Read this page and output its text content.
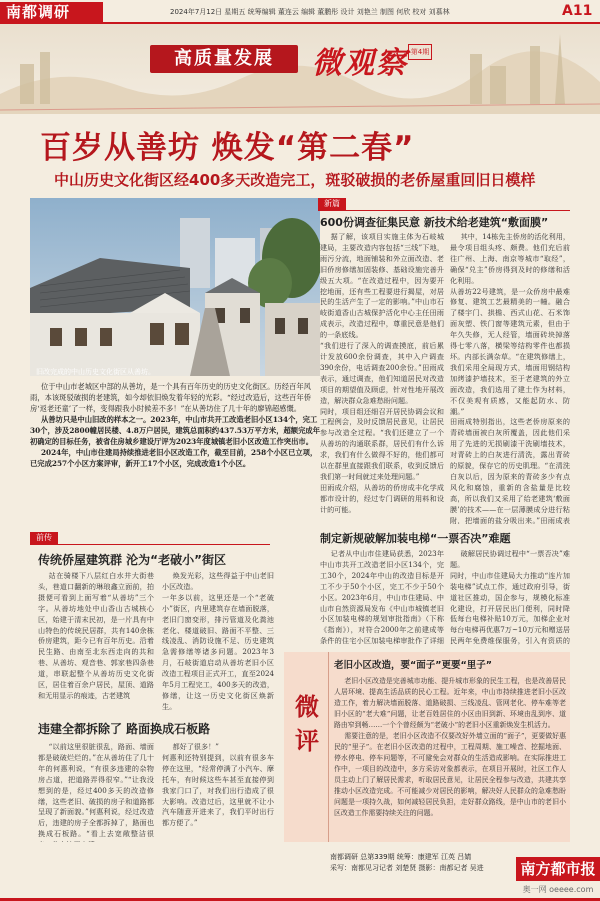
南都调研	2024年7月12日 星期五 统筹编辑 董连云 编辑 董鹏彤 设计 刘艳兰 制图 何欣 校对 刘慕林	A11
高质量发展	微观察 第4期
百岁从善坊 焕发“第二春”
中山历史文化街区经400多天改造完工，斑驳破损的老侨屋重回旧日模样
旧改完成的中山历史文化街区从善坊。

位于中山市老城区中部的从善坊，是一个具有百年历史的历史文化街区。历经百年风雨，本该斑驳破损的老建筑，如今却依旧焕发着年轻的光彩。“经过改造后，这些百年侨房‘返老还童’了一样，变得跟我小时候差不多！”在从善坊住了几十年的廖锦超感慨。

从善坊只是中山旧改的样本之一。2023年，中山市共开工改造老旧小区134个，完工30个，涉及2800幢居民楼、4.8万户居民，建筑总面积约437.53万平方米，超额完成年初确定的目标任务，被省住房城乡建设厅评为2023年度城镇老旧小区改造工作突出市。

2024年，中山市住建局持续推进老旧小区改造工作，截至目前，258个小区已立项，已完成257个小区方案评审，新开工17个小区，完成改造1个小区。

前传
传统侨屋建筑群 沦为“老破小”街区

站在骑楼下八层红白水井大街巷头，巷道口翻新的琳琅鑫立面前，拍摄便可看到上面写着“从善坊”三个字。从善坊地处中山香山古城核心区，始建于清末民初，是一片具有中山特色的传统民居群，共有140余栋侨房建筑，距今已有百年历史。沿着民生路、由南至北东西走向的共和巷、从善坊、观音巷、郭家巷四条巷道，串联起整个从善坊历史文化街区，居住着百余户居民，屋顶、道路和无用显示的痕迹，古老建筑

焕发光彩，这些得益于中山老旧小区改造。
一年多以前，这里还是一个“老破小”街区，内里建筑存在墙面脱落，老旧门窗变形，排污管道及化粪池老化、楼道破旧、路面不平整、三线凌乱、消防设施不足、历史建筑急需修缮等诸多问题。2023年3月，石岐街道启动从善坊老旧小区改造工程项目正式开工，直至2024年5月工程完工，400多天的改造，修缮，让这一历史文化街区焕新生。

违建全都拆除了 路面换成石板路

“以前这里很脏很乱，路面、墙面都是破破烂烂的。”在从善坊住了几十年的何惠利说，“有很多违建的杂物房占道，把道路弄得很窄。”“让我没想到的是，经过400多天的改造修缮，这些老旧、破损的房子和道路都呈现了新面貌。”何惠利说，经过改造后，违建的房子全都拆掉了，路面也换成石板路。“看上去宽敞整洁很

都好了很多！”
何惠利还特别提到，以前有很多车停在这里，“经常停满了小汽车、摩托车，有时候这些车甚至直接停到我家门口了，对我们出行造成了很大影响。改造过后，这里就不让小汽车随意开进来了，我们平时出行都方便了。”

新篇
600份调查征集民意 新技术给老建筑“敷面膜”

据了解，该项目实施主体为石岐城建局，主要改造内容包括“三线”下地，雨污分流，地面铺装和外立面改造、老旧侨房修缮加固装修、基础设施完善升级五大项。“在改造过程中，因为要开挖地面，还有些工程要进行揭屋，对居民的生活产生了一定的影响。”中山市石岐街道香山古城保护活化中心主任田雨成表示，改造过程中，尊重民意是他们的一条底线。
“我们进行了深入的调查摸底，前后累计发放600余份调查，其中入户调查390余份，电话调查200余份。”田雨成表示，通过调查，他们知道居民对改造项目的期望值及顾虑，针对性地开展改造，解决群众急难愁盼问题。
同时，项目组还细召开居民协调会议和工程例会，及时反馈居民意见，让居民参与改造全过程。“我们还建立了一个从善坊的沟通联系群，居民们有什么诉求，我们有什么做得不好的，他们都可以在群里直接跟我们联系，收到反馈后我们第一时间就过来处理问题。”
田雨成介绍，从善坊的侨房成丰化学成都市设计的，经过专门调研的用料和设计的可能。

其中，14栋先主侨房的活化利用，最令项目组头疼、颇费。他们充后前往广州、上海、南京等城市“取经”，确保“兑主”侨房得到及时的修缮和活化利用。
从善坊22号建筑，是一众侨房中最难修复、建筑工艺最精美的一幢。融合了楼宇门、拱檐、西式山花、石米饰面灰塑、铁门窗等建筑元素，但由于年久失修，无人经管，墙面砖块掉落得七零八落，横梁等结构零件也都损坏。内部长满杂草。“在建筑修缮上，我们采用全局现方式，墙面用钢结构加烤漆护墙技术，至于老建筑的外立面改造，我们选用了建土作为材料，不仅美观有质感，又能起防水、防潮。”
田雨成特别指出，这些老侨房原来的青砖墙面被白灰所覆盖，因此他们采用了先进的无损刷漆干洗刷墙技术，对青砖上的白灰进行清洗，露出青砖的原貌，保存它的历史肌理。“在清洗白灰以后，因为原来的青砖多少有点风化和腐蚀，重新的含盐量是比较高，所以我们又采用了给老建筑‘敷面膜’的技术——在一层薄膜成分进行粘附，把墙面的盐分吸出来。”田雨成表

制定新规破解加装电梯“一票否决”难题

记者从中山市住建局获悉，2023年中山市共开工改造老旧小区134个，完工30个，2024年中山的改造目标是开工不少于50个小区，完工不少于50个小区。2023年6月，中山市住建局、中山市自然资源局发布《中山市城镇老旧小区加装电梯的规划审批指南》（下称《指南》），对符合2000年之前建成等条件的住宅小区加装电梯审批作了详细

破解居民协调过程中“一票否决”难题。
同时，中山市住建局大力推动“连片加装电梯”试点工作，通过政府引导，街道社区推动，国企参与，规模化标准化建设，打开居民出门便利，同时降低每台电梯补贴10万元，加梯企业对每台电梯再优惠7万~10万元和赠送居民两年免费维保服务，引入有资质的

微评
老旧小区改造，要“面子”更要“里子”

老旧小区改造是完善城市功能、提升城市形象的民生工程，也是改善居民人居环境、提高生活品质的民心工程。近年来，中山市持续推进老旧小区改造工作，着力解决墙面脱落、道路破损、三线凌乱、管网老化、停车难等老旧小区的“老大难”问题，让老百姓居住的小区由旧到新、环境由乱到序、道路由窄到畅……一个个曾经颇为“老破小”的老旧小区重新焕发生机活力。

需要注意的是，老旧小区改造不仅要改好外墙立面的“面子”，更要做好惠民的“里子”。在老旧小区改造的过程中，工程周期、施工噪音、挖掘地面、停水停电、停车问题等，不可避免会对群众的生活造成影响。在实际推进工作中，一项目的改造中，多方采访对象都表示，在项目开展时，社区工作人员主动上门了解居民需求，听取居民意见，让居民全程参与改造，共建共享推动小区改造完成。不可能减少对居民的影响，解决好人民群众的急难愁盼问题是一项持久战，如何减轻居民负担，走好群众路线，是中山市的老旧小区改造工作需要持续关注的问题。

南都调研 总第339期 统筹：康建军 江英 吕婧
采写：南都见习记者 刘楚贤 摄影：南都记者 吴进	南方都市报
奥一网 oeeee.com
